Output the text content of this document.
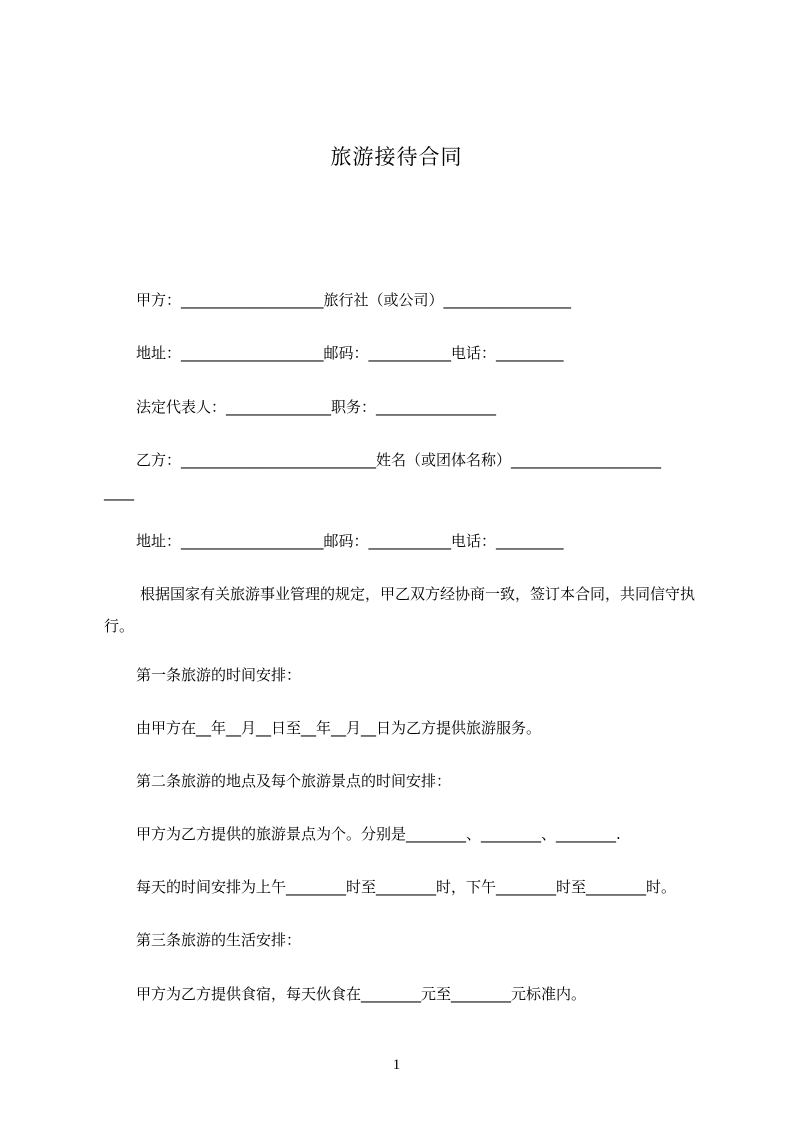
旅游接待合同
甲方：___________________旅行社（或公司）_________________
地址：___________________邮码：___________电话：_________
法定代表人：______________职务：________________
乙方：__________________________姓名（或团体名称）____________________
____
地址：___________________邮码：___________电话：_________
根据国家有关旅游事业管理的规定，甲乙双方经协商一致，签订本合同，共同信守执行。
第一条旅游的时间安排：
由甲方在__年__月__日至__年__月__日为乙方提供旅游服务。
第二条旅游的地点及每个旅游景点的时间安排：
甲方为乙方提供的旅游景点为个。分别是________、________、________.
每天的时间安排为上午________时至________时，下午________时至________时。
第三条旅游的生活安排：
甲方为乙方提供食宿，每天伙食在________元至________元标准内。
1
